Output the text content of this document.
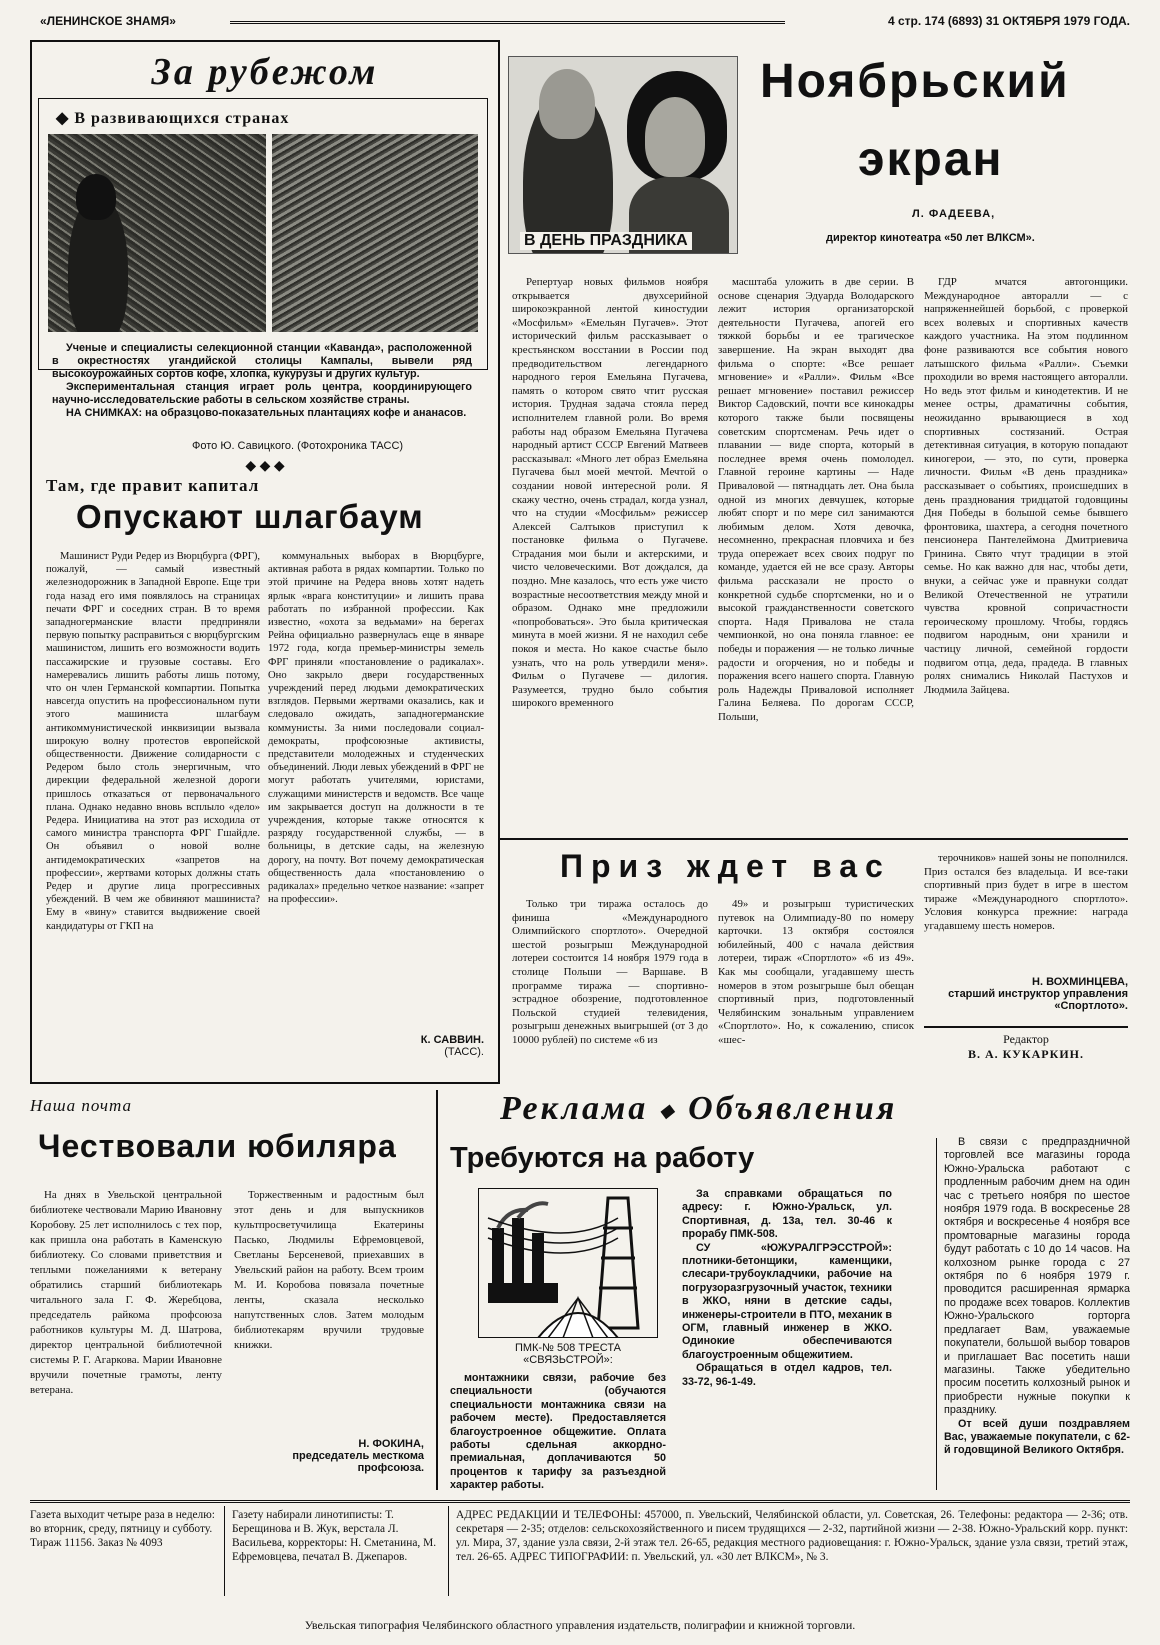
«ЛЕНИНСКОЕ ЗНАМЯ»	4 стр. 174 (6893) 31 ОКТЯБРЯ 1979 ГОДА.
За рубежом
◆ В развивающихся странах

Ученые и специалисты селекционной станции «Каванда», расположенной в окрестностях угандийской столицы Кампалы, вывели ряд высокоурожайных сортов кофе, хлопка, кукурузы и других культур.

Экспериментальная станция играет роль центра, координирующего научно-исследовательские работы в сельском хозяйстве страны.

НА СНИМКАХ: на образцово-показательных плантациях кофе и ананасов.

Фото Ю. Савицкого. (Фотохроника ТАСС)
◆ ◆ ◆
Там, где правит капитал
Опускают шлагбаум

Машинист Руди Редер из Вюрцбурга (ФРГ), пожалуй, — самый известный железнодорожник в Западной Европе. Еще три года назад его имя появлялось на страницах печати ФРГ и соседних стран. В то время западногерманские власти предприняли первую попытку расправиться с вюрцбургским машинистом, лишить его возможности водить пассажирские и грузовые составы. Его намеревались лишить работы лишь потому, что он член Германской компартии. Попытка навсегда опустить на профессиональном пути этого машиниста шлагбаум антикоммунистической инквизиции вызвала широкую волну протестов европейской общественности. Движение солидарности с Редером было столь энергичным, что дирекции федеральной железной дороги пришлось отказаться от первоначального плана. Однако недавно вновь всплыло «дело» Редера. Инициатива на этот раз исходила от самого министра транспорта ФРГ Гшайдле. Он объявил о новой волне антидемократических «запретов на профессии», жертвами которых должны стать Редер и другие лица прогрессивных убеждений. В чем же обвиняют машиниста? Ему в «вину» ставится выдвижение своей кандидатуры от ГКП на

коммунальных выборах в Вюрцбурге, активная работа в рядах компартии. Только по этой причине на Редера вновь хотят надеть ярлык «врага конституции» и лишить права работать по избранной профессии. Как известно, «охота за ведьмами» на берегах Рейна официально развернулась еще в январе 1972 года, когда премьер-министры земель ФРГ приняли «постановление о радикалах». Оно закрыло двери государственных учреждений перед людьми демократических взглядов. Первыми жертвами оказались, как и следовало ожидать, западногерманские коммунисты. За ними последовали социал-демократы, профсоюзные активисты, представители молодежных и студенческих объединений. Люди левых убеждений в ФРГ не могут работать учителями, юристами, служащими министерств и ведомств. Все чаще им закрывается доступ на должности в те учреждения, которые также относятся к разряду государственной службы, — в больницы, в детские сады, на железную дорогу, на почту. Вот почему демократическая общественность дала «постановлению о радикалах» предельно четкое название: «запрет на профессии».

К. САВВИН.
(ТАСС).
В ДЕНЬ ПРАЗДНИКА
Ноябрьский
экран
Л. ФАДЕЕВА,
директор кинотеатра «50 лет ВЛКСМ».

Репертуар новых фильмов ноября открывается двухсерийной широкоэкранной лентой киностудии «Мосфильм» «Емельян Пугачев». Этот исторический фильм рассказывает о крестьянском восстании в России под предводительством легендарного народного героя Емельяна Пугачева, память о котором свято чтит русская история. Трудная задача стояла перед исполнителем главной роли. Во время работы над образом Емельяна Пугачева народный артист СССР Евгений Матвеев рассказывал: «Много лет образ Емельяна Пугачева был моей мечтой. Мечтой о создании новой интересной роли. Я скажу честно, очень страдал, когда узнал, что на студии «Мосфильм» режиссер Алексей Салтыков приступил к постановке фильма о Пугачеве. Страдания мои были и актерскими, и чисто человеческими. Вот дождался, да поздно. Мне казалось, что есть уже чисто возрастные несоответствия между мной и образом. Однако мне предложили «попробоваться». Это была критическая минута в моей жизни. Я не находил себе покоя и места. Но какое счастье было узнать, что на роль утвердили меня». Фильм о Пугачеве — дилогия. Разумеется, трудно было события широкого временного

масштаба уложить в две серии. В основе сценария Эдуарда Володарского лежит история организаторской деятельности Пугачева, апогей его тяжкой борьбы и ее трагическое завершение. На экран выходят два фильма о спорте: «Все решает мгновение» и «Ралли». Фильм «Все решает мгновение» поставил режиссер Виктор Садовский, почти все кинокадры которого также были посвящены советским спортсменам. Речь идет о плавании — виде спорта, который в последнее время очень помолодел. Главной героине картины — Наде Приваловой — пятнадцать лет. Она была одной из многих девчушек, которые любят спорт и по мере сил занимаются любимым делом. Хотя девочка, несомненно, прекрасная пловчиха и без труда опережает всех своих подруг по команде, удается ей не все сразу. Авторы фильма рассказали не просто о конкретной судьбе спортсменки, но и о высокой гражданственности советского спорта. Надя Привалова не стала чемпионкой, но она поняла главное: ее победы и поражения — не только личные радости и огорчения, но и победы и поражения всего нашего спорта. Главную роль Надежды Приваловой исполняет Галина Беляева. По дорогам СССР, Польши,

ГДР мчатся автогонщики. Международное авторалли — с напряженнейшей борьбой, с проверкой всех волевых и спортивных качеств каждого участника. На этом подлинном фоне развиваются все события нового латышского фильма «Ралли». Съемки проходили во время настоящего авторалли. Но ведь этот фильм и кинодетектив. И не менее остры, драматичны события, неожиданно врывающиеся в ход спортивных состязаний. Острая детективная ситуация, в которую попадают киногерои, — это, по сути, проверка личности. Фильм «В день праздника» рассказывает о событиях, происшедших в день празднования тридцатой годовщины Дня Победы в большой семье бывшего фронтовика, шахтера, а сегодня почетного пенсионера Пантелеймона Дмитриевича Гринина. Свято чтут традиции в этой семье. Но как важно для нас, чтобы дети, внуки, а сейчас уже и правнуки солдат Великой Отечественной не утратили чувства кровной сопричастности героическому прошлому. Чтобы, гордясь подвигом народным, они хранили и частицу личной, семейной гордости подвигом отца, деда, прадеда. В главных ролях снимались Николай Пастухов и Людмила Зайцева.

Приз ждет вас

Только три тиража осталось до финиша «Международного Олимпийского спортлото». Очередной шестой розыгрыш Международной лотереи состоится 14 ноября 1979 года в столице Польши — Варшаве. В программе тиража — спортивно-эстрадное обозрение, подготовленное Польской студией телевидения, розыгрыш денежных выигрышей (от 3 до 10000 рублей) по системе «6 из

49» и розыгрыш туристических путевок на Олимпиаду-80 по номеру карточки. 13 октября состоялся юбилейный, 400 с начала действия лотереи, тираж «Спортлото» «6 из 49». Как мы сообщали, угадавшему шесть номеров в этом розыгрыше был обещан спортивный приз, подготовленный Челябинским зональным управлением «Спортлото». Но, к сожалению, список «шес-

терочников» нашей зоны не пополнился. Приз остался без владельца. И все-таки спортивный приз будет в игре в шестом тираже «Международного спортлото». Условия конкурса прежние: награда угадавшему шесть номеров.

Н. ВОХМИНЦЕВА,
старший инструктор управления «Спортлото».
Редактор
В. А. КУКАРКИН.
Наша почта
Чествовали юбиляра

На днях в Увельской центральной библиотеке чествовали Марию Ивановну Коробову. 25 лет исполнилось с тех пор, как пришла она работать в Каменскую библиотеку. Со словами приветствия и теплыми пожеланиями к ветерану обратились старший библиотекарь читального зала Г. Ф. Жеребцова, председатель райкома профсоюза работников культуры М. Д. Шатрова, директор центральной библиотечной системы Р. Г. Агаркова. Марии Ивановне вручили почетные грамоты, ленту ветерана.

Торжественным и радостным был этот день и для выпускников культпросветучилища Екатерины Пасько, Людмилы Ефремовцевой, Светланы Берсеневой, приехавших в Увельский район на работу. Всем троим М. И. Коробова повязала почетные ленты, сказала несколько напутственных слов. Затем молодым библиотекарям вручили трудовые книжки.

Н. ФОКИНА,
председатель месткома профсоюза.
Реклама ◆ Объявления
Требуются на работу
ПМК-№ 508 ТРЕСТА «СВЯЗЬСТРОЙ»:

монтажники связи, рабочие без специальности (обучаются специальности монтажника связи на рабочем месте). Предоставляется благоустроенное общежитие. Оплата работы сдельная аккордно-премиальная, доплачиваются 50 процентов к тарифу за разъездной характер работы.

За справками обращаться по адресу: г. Южно-Уральск, ул. Спортивная, д. 13а, тел. 30-46 к прорабу ПМК-508.

СУ «ЮЖУРАЛГРЭССТРОЙ»: плотники-бетонщики, каменщики, слесари-трубоукладчики, рабочие на погрузоразгрузочный участок, техники в ЖКО, няни в детские сады, инженеры-строители в ПТО, механик в ОГМ, главный инженер в ЖКО. Одинокие обеспечиваются благоустроенным общежитием.

Обращаться в отдел кадров, тел. 33-72, 96-1-49.

В связи с предпраздничной торговлей все магазины города Южно-Уральска работают с продленным рабочим днем на один час с третьего ноября по шестое ноября 1979 года. В воскресенье 28 октября и воскресенье 4 ноября все промтоварные магазины города будут работать с 10 до 14 часов. На колхозном рынке города с 27 октября по 6 ноября 1979 г. проводится расширенная ярмарка по продаже всех товаров. Коллектив Южно-Уральского горторга предлагает Вам, уважаемые покупатели, большой выбор товаров и приглашает Вас посетить наши магазины. Также убедительно просим посетить колхозный рынок и приобрести нужные покупки к празднику.

От всей души поздравляем Вас, уважаемые покупатели, с 62-й годовщиной Великого Октября.

Газета выходит четыре раза в неделю: во вторник, среду, пятницу и субботу.
Тираж 11156. Заказ № 4093
Газету набирали линотиписты: Т. Берещинова и В. Жук, верстала Л. Васильева, корректоры: Н. Сметанина, М. Ефремовцева, печатал В. Джепаров.
АДРЕС РЕДАКЦИИ И ТЕЛЕФОНЫ: 457000, п. Увельский, Челябинской области, ул. Советская, 26. Телефоны: редактора — 2-36; отв. секретаря — 2-35; отделов: сельскохозяйственного и писем трудящихся — 2-32, партийной жизни — 2-38. Южно-Уральский корр. пункт: ул. Мира, 37, здание узла связи, 2-й этаж тел. 26-65, редакция местного радиовещания: г. Южно-Уральск, здание узла связи, третий этаж, тел. 26-65. АДРЕС ТИПОГРАФИИ: п. Увельский, ул. «30 лет ВЛКСМ», № 3.
Увельская типография Челябинского областного управления издательств, полиграфии и книжной торговли.
